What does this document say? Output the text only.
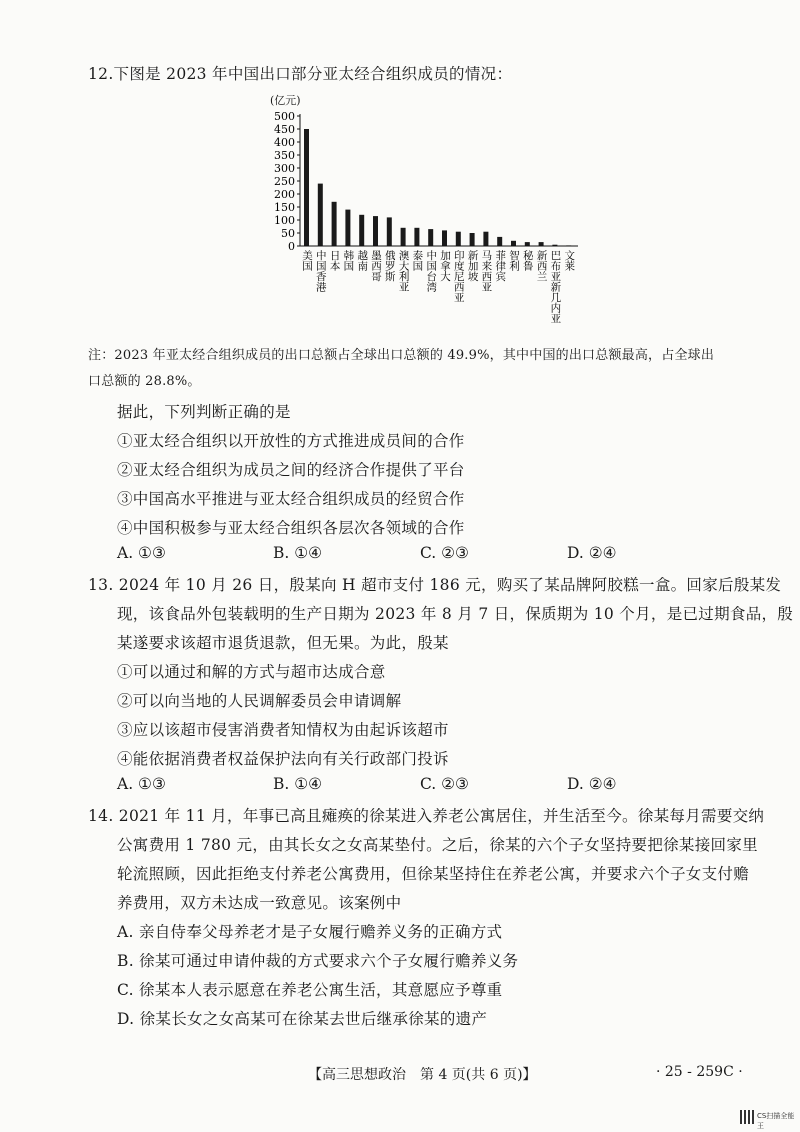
12.下图是 2023 年中国出口部分亚太经合组织成员的情况：
(亿元)
0
50
100
150
200
250
300
350
400
450
500
美国 中国香港 日本 韩国 越南 墨西哥 俄罗斯 澳大利亚 泰国 中国台湾 加拿大 印度尼西亚 新加坡 马来西亚 菲律宾 智利 秘鲁 新西兰 巴布亚新几内亚 文莱
注：2023 年亚太经合组织成员的出口总额占全球出口总额的 49.9%，其中中国的出口总额最高，占全球出
口总额的 28.8%。
据此，下列判断正确的是
①亚太经合组织以开放性的方式推进成员间的合作
②亚太经合组织为成员之间的经济合作提供了平台
③中国高水平推进与亚太经合组织成员的经贸合作
④中国积极参与亚太经合组织各层次各领域的合作
A. ①③	B. ①④	C. ②③	D. ②④
13. 2024 年 10 月 26 日，殷某向 H 超市支付 186 元，购买了某品牌阿胶糕一盒。回家后殷某发
现，该食品外包装载明的生产日期为 2023 年 8 月 7 日，保质期为 10 个月，是已过期食品，殷
某遂要求该超市退货退款，但无果。为此，殷某
①可以通过和解的方式与超市达成合意
②可以向当地的人民调解委员会申请调解
③应以该超市侵害消费者知情权为由起诉该超市
④能依据消费者权益保护法向有关行政部门投诉
A. ①③	B. ①④	C. ②③	D. ②④
14. 2021 年 11 月，年事已高且瘫痪的徐某进入养老公寓居住，并生活至今。徐某每月需要交纳
公寓费用 1 780 元，由其长女之女高某垫付。之后，徐某的六个子女坚持要把徐某接回家里
轮流照顾，因此拒绝支付养老公寓费用，但徐某坚持住在养老公寓，并要求六个子女支付赡
养费用，双方未达成一致意见。该案例中
A. 亲自侍奉父母养老才是子女履行赡养义务的正确方式
B. 徐某可通过申请仲裁的方式要求六个子女履行赡养义务
C. 徐某本人表示愿意在养老公寓生活，其意愿应予尊重
D. 徐某长女之女高某可在徐某去世后继承徐某的遗产
【高三思想政治　第 4 页(共 6 页)】	· 25 - 259C ·
CS扫描全能王
